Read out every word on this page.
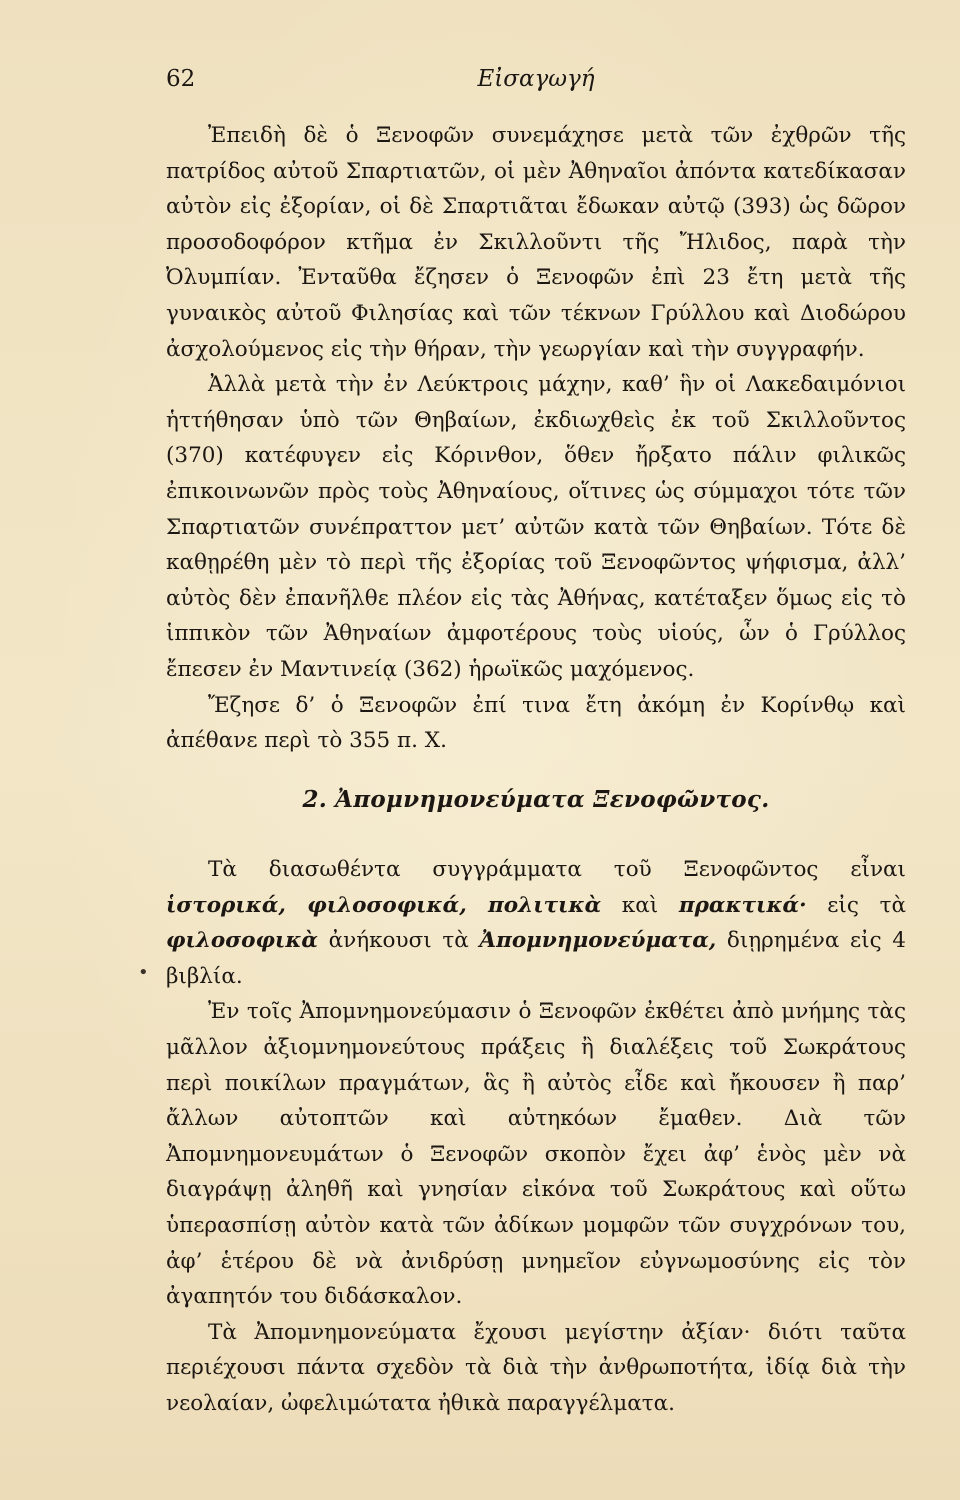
62	Εἰσαγωγή

Ἐπειδὴ δὲ ὁ Ξενοφῶν συνεμάχησε μετὰ τῶν ἐχθρῶν τῆς πατρίδος αὐτοῦ Σπαρτιατῶν, οἱ μὲν Ἀθηναῖοι ἀπόντα κατεδίκασαν αὐτὸν εἰς ἐξορίαν, οἱ δὲ Σπαρτιᾶται ἔδωκαν αὐτῷ (393) ὡς δῶρον προσοδοφόρον κτῆμα ἐν Σκιλλοῦντι τῆς Ἤλιδος, παρὰ τὴν Ὀλυμπίαν. Ἐνταῦθα ἔζησεν ὁ Ξενοφῶν ἐπὶ 23 ἔτη μετὰ τῆς γυναικὸς αὐτοῦ Φιλησίας καὶ τῶν τέκνων Γρύλλου καὶ Διοδώρου ἀσχολούμενος εἰς τὴν θήραν, τὴν γεωργίαν καὶ τὴν συγγραφήν.

Ἀλλὰ μετὰ τὴν ἐν Λεύκτροις μάχην, καθ’ ἣν οἱ Λακεδαιμόνιοι ἡττήθησαν ὑπὸ τῶν Θηβαίων, ἐκδιωχθεὶς ἐκ τοῦ Σκιλλοῦντος (370) κατέφυγεν εἰς Κόρινθον, ὅθεν ἤρξατο πάλιν φιλικῶς ἐπικοινωνῶν πρὸς τοὺς Ἀθηναίους, οἵτινες ὡς σύμμαχοι τότε τῶν Σπαρτιατῶν συνέπραττον μετ’ αὐτῶν κατὰ τῶν Θηβαίων. Τότε δὲ καθῃρέθη μὲν τὸ περὶ τῆς ἐξορίας τοῦ Ξενοφῶντος ψήφισμα, ἀλλ’ αὐτὸς δὲν ἐπανῆλθε πλέον εἰς τὰς Ἀθήνας, κατέταξεν ὅμως εἰς τὸ ἱππικὸν τῶν Ἀθηναίων ἀμφοτέρους τοὺς υἱούς, ὧν ὁ Γρύλλος ἔπεσεν ἐν Μαντινείᾳ (362) ἡρωϊκῶς μαχόμενος.

Ἔζησε δ’ ὁ Ξενοφῶν ἐπί τινα ἔτη ἀκόμη ἐν Κορίνθῳ καὶ ἀπέθανε περὶ τὸ 355 π. Χ.

2. Ἀπομνημονεύματα Ξενοφῶντος.
•

Τὰ διασωθέντα συγγράμματα τοῦ Ξενοφῶντος εἶναι ἱστορικά, φιλοσοφικά, πολιτικὰ καὶ πρακτικά· εἰς τὰ φιλοσοφικὰ ἀνήκουσι τὰ Ἀπομνημονεύματα, διῃρημένα εἰς 4 βιβλία.

Ἐν τοῖς Ἀπομνημονεύμασιν ὁ Ξενοφῶν ἐκθέτει ἀπὸ μνήμης τὰς μᾶλλον ἀξιομνημονεύτους πράξεις ἢ διαλέξεις τοῦ Σωκράτους περὶ ποικίλων πραγμάτων, ἃς ἢ αὐτὸς εἶδε καὶ ἤκουσεν ἢ παρ’ ἄλλων αὐτοπτῶν καὶ αὐτηκόων ἔμαθεν. Διὰ τῶν Ἀπομνημονευμάτων ὁ Ξενοφῶν σκοπὸν ἔχει ἀφ’ ἑνὸς μὲν νὰ διαγράψῃ ἀληθῆ καὶ γνησίαν εἰκόνα τοῦ Σωκράτους καὶ οὕτω ὑπερασπίσῃ αὐτὸν κατὰ τῶν ἀδίκων μομφῶν τῶν συγχρόνων του, ἀφ’ ἑτέρου δὲ νὰ ἀνιδρύσῃ μνημεῖον εὐγνωμοσύνης εἰς τὸν ἀγαπητόν του διδάσκαλον.

Τὰ Ἀπομνημονεύματα ἔχουσι μεγίστην ἀξίαν· διότι ταῦτα περιέχουσι πάντα σχεδὸν τὰ διὰ τὴν ἀνθρωποτήτα, ἰδίᾳ διὰ τὴν νεολαίαν, ὠφελιμώτατα ἠθικὰ παραγγέλματα.
